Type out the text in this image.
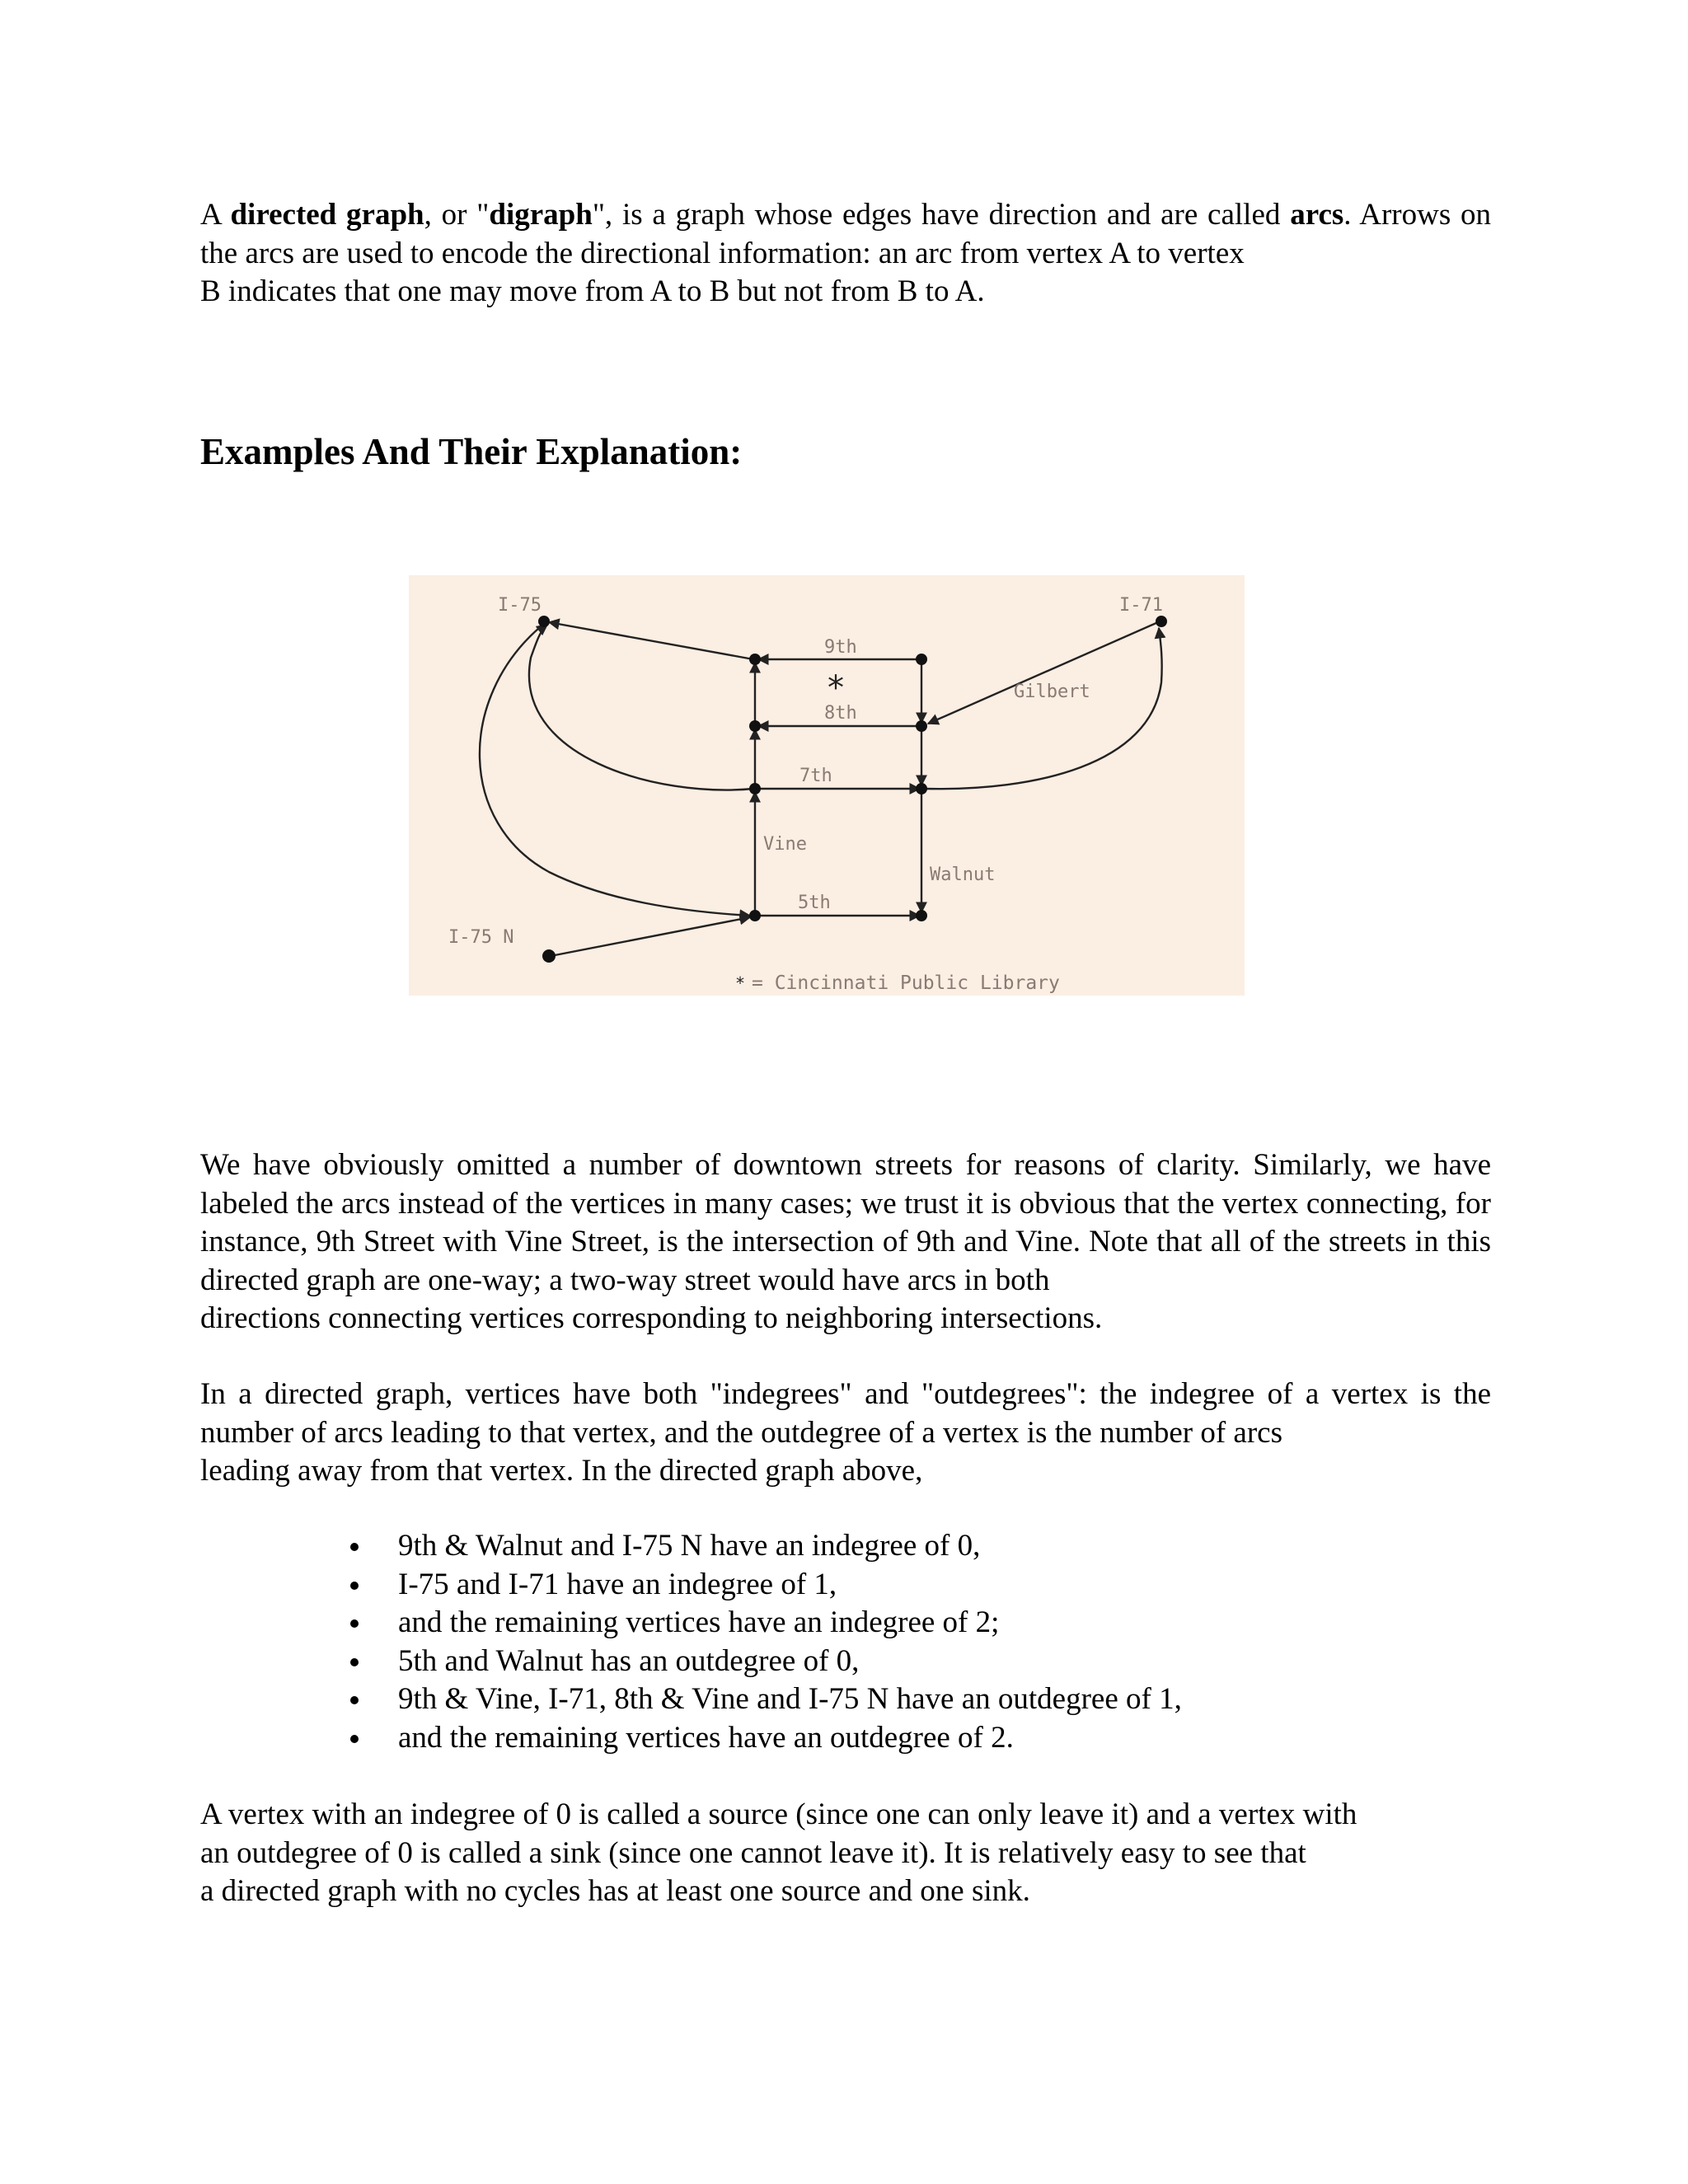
A directed graph, or "digraph", is a graph whose edges have direction and are called arcs. Arrows on the arcs are used to encode the directional information: an arc from vertex A to vertex
B indicates that one may move from A to B but not from B to A.

Examples And Their Explanation:
I-75	I-71
9th
8th
7th
5th
Vine
Walnut
Gilbert
I-75 N
* = Cincinnati Public Library
*

We have obviously omitted a number of downtown streets for reasons of clarity. Similarly, we have labeled the arcs instead of the vertices in many cases; we trust it is obvious that the vertex connecting, for instance, 9th Street with Vine Street, is the intersection of 9th and Vine. Note that all of the streets in this directed graph are one-way; a two-way street would have arcs in both
directions connecting vertices corresponding to neighboring intersections.

In a directed graph, vertices have both "indegrees" and "outdegrees": the indegree of a vertex is the number of arcs leading to that vertex, and the outdegree of a vertex is the number of arcs
leading away from that vertex. In the directed graph above,

9th & Walnut and I-75 N have an indegree of 0,
I-75 and I-71 have an indegree of 1,
and the remaining vertices have an indegree of 2;
5th and Walnut has an outdegree of 0,
9th & Vine, I-71, 8th & Vine and I-75 N have an outdegree of 1,
and the remaining vertices have an outdegree of 2.

A vertex with an indegree of 0 is called a source (since one can only leave it) and a vertex with
an outdegree of 0 is called a sink (since one cannot leave it). It is relatively easy to see that
a directed graph with no cycles has at least one source and one sink.
